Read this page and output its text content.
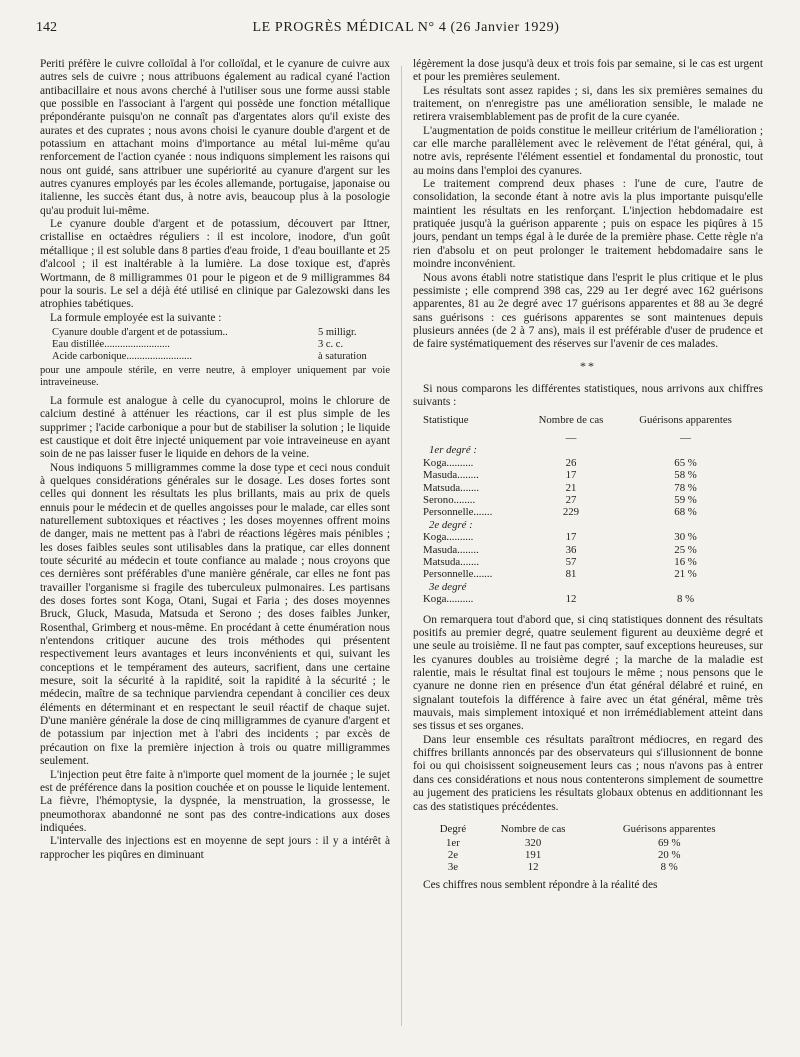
142	LE PROGRÈS MÉDICAL N° 4 (26 Janvier 1929)

Periti préfère le cuivre colloïdal à l'or colloïdal, et le cyanure de cuivre aux autres sels de cuivre ; nous attribuons également au radical cyané l'action antibacillaire et nous avons cherché à l'utiliser sous une forme aussi stable que possible en l'associant à l'argent qui possède une fonction métallique prépondérante puisqu'on ne connaît pas d'argentates alors qu'il existe des aurates et des cuprates ; nous avons choisi le cyanure double d'argent et de potassium en attachant moins d'importance au métal lui-même qu'au renforcement de l'action cyanée : nous indiquons simplement les raisons qui nous ont guidé, sans attribuer une supériorité au cyanure d'argent sur les autres cyanures employés par les écoles allemande, portugaise, japonaise ou italienne, les succès étant dus, à notre avis, beaucoup plus à la posologie qu'au produit lui-même.

Le cyanure double d'argent et de potassium, découvert par Ittner, cristallise en octaèdres réguliers : il est incolore, inodore, d'un goût métallique ; il est soluble dans 8 parties d'eau froide, 1 d'eau bouillante et 25 d'alcool ; il est inaltérable à la lumière. La dose toxique est, d'après Wortmann, de 8 milligrammes 01 pour le pigeon et de 9 milligrammes 84 pour la souris. Le sel a déjà été utilisé en clinique par Galezowski dans les atrophies tabétiques.

La formule employée est la suivante :

Cyanure double d'argent et de potassium..	5 milligr.
Eau distillée.........................	3 c. c.
Acide carbonique.........................	à saturation

pour une ampoule stérile, en verre neutre, à employer uniquement par voie intraveineuse.

La formule est analogue à celle du cyanocuprol, moins le chlorure de calcium destiné à atténuer les réactions, car il est plus simple de les supprimer ; l'acide carbonique a pour but de stabiliser la solution ; le liquide est caustique et doit être injecté uniquement par voie intraveineuse en ayant soin de ne pas laisser fuser le liquide en dehors de la veine.

Nous indiquons 5 milligrammes comme la dose type et ceci nous conduit à quelques considérations générales sur le dosage. Les doses fortes sont celles qui donnent les résultats les plus brillants, mais au prix de quels ennuis pour le médecin et de quelles angoisses pour le malade, car elles sont naturellement subtoxiques et réactives ; les doses moyennes offrent moins de danger, mais ne mettent pas à l'abri de réactions légères mais pénibles ; les doses faibles seules sont utilisables dans la pratique, car elles donnent toute sécurité au médecin et toute confiance au malade ; nous croyons que ces dernières sont préférables d'une manière générale, car elles ne font pas travailler l'organisme si fragile des tuberculeux pulmonaires. Les partisans des doses fortes sont Koga, Otani, Sugai et Faria ; des doses moyennes Bruck, Gluck, Masuda, Matsuda et Serono ; des doses faibles Junker, Rosenthal, Grimberg et nous-même. En procédant à cette énumération nous n'entendons critiquer aucune des trois méthodes qui présentent respectivement leurs avantages et leurs inconvénients et qui, suivant les conceptions et le tempérament des auteurs, sacrifient, dans une certaine mesure, soit la sécurité à la rapidité, soit la rapidité à la sécurité ; le médecin, maître de sa technique parviendra cependant à concilier ces deux éléments en déterminant et en respectant le seuil réactif de chaque sujet. D'une manière générale la dose de cinq milligrammes de cyanure d'argent et de potassium par injection met à l'abri des incidents ; par excès de précaution on fixe la première injection à trois ou quatre milligrammes seulement.

L'injection peut être faite à n'importe quel moment de la journée ; le sujet est de préférence dans la position couchée et on pousse le liquide lentement. La fièvre, l'hémoptysie, la dyspnée, la menstruation, la grossesse, le pneumothorax abandonné ne sont pas des contre-indications aux doses indiquées.

L'intervalle des injections est en moyenne de sept jours : il y a intérêt à rapprocher les piqûres en diminuant

légèrement la dose jusqu'à deux et trois fois par semaine, si le cas est urgent et pour les premières seulement.

Les résultats sont assez rapides ; si, dans les six premières semaines du traitement, on n'enregistre pas une amélioration sensible, le malade ne retirera vraisemblablement pas de profit de la cure cyanée.

L'augmentation de poids constitue le meilleur critérium de l'amélioration ; car elle marche parallèlement avec le relèvement de l'état général, qui, à notre avis, représente l'élément essentiel et fondamental du pronostic, tout au moins dans l'emploi des cyanures.

Le traitement comprend deux phases : l'une de cure, l'autre de consolidation, la seconde étant à notre avis la plus importante puisqu'elle maintient les résultats en les renforçant. L'injection hebdomadaire est pratiquée jusqu'à la guérison apparente ; puis on espace les piqûres à 15 jours, pendant un temps égal à le durée de la première phase. Cette règle n'a rien d'absolu et on peut prolonger le traitement hebdomadaire sans le moindre inconvénient.

Nous avons établi notre statistique dans l'esprit le plus critique et le plus pessimiste ; elle comprend 398 cas, 229 au 1er degré avec 162 guérisons apparentes, 81 au 2e degré avec 17 guérisons apparentes et 88 au 3e degré sans guérisons : ces guérisons apparentes se sont maintenues depuis plusieurs années (de 2 à 7 ans), mais il est préférable d'user de prudence et de faire systématiquement des réserves sur l'avenir de ces malades.

**

Si nous comparons les différentes statistiques, nous arrivons aux chiffres suivants :

Statistique	Nombre de cas	Guérisons apparentes
	—	—
1er degré :		
Koga..........	26	65 %
Masuda........	17	58 %
Matsuda.......	21	78 %
Serono........	27	59 %
Personnelle.......	229	68 %
2e degré :		
Koga..........	17	30 %
Masuda........	36	25 %
Matsuda.......	57	16 %
Personnelle.......	81	21 %
3e degré		
Koga..........	12	8 %

On remarquera tout d'abord que, si cinq statistiques donnent des résultats positifs au premier degré, quatre seulement figurent au deuxième degré et une seule au troisième. Il ne faut pas compter, sauf exceptions heureuses, sur les cyanures doubles au troisième degré ; la marche de la maladie est ralentie, mais le résultat final est toujours le même ; nous pensons que le cyanure ne donne rien en présence d'un état général délabré et ruiné, en signalant toutefois la différence à faire avec un état général, même très mauvais, mais simplement intoxiqué et non irrémédiablement atteint dans ses tissus et ses organes.

Dans leur ensemble ces résultats paraîtront médiocres, en regard des chiffres brillants annoncés par des observateurs qui s'illusionnent de bonne foi ou qui choisissent soigneusement leurs cas ; nous n'avons pas à entrer dans ces considérations et nous nous contenterons simplement de soumettre au jugement des praticiens les résultats globaux obtenus en additionnant les cas des statistiques précédentes.

Degré	Nombre de cas	Guérisons apparentes
1er	320	69 %
2e	191	20 %
3e	12	8 %

Ces chiffres nous semblent répondre à la réalité des
